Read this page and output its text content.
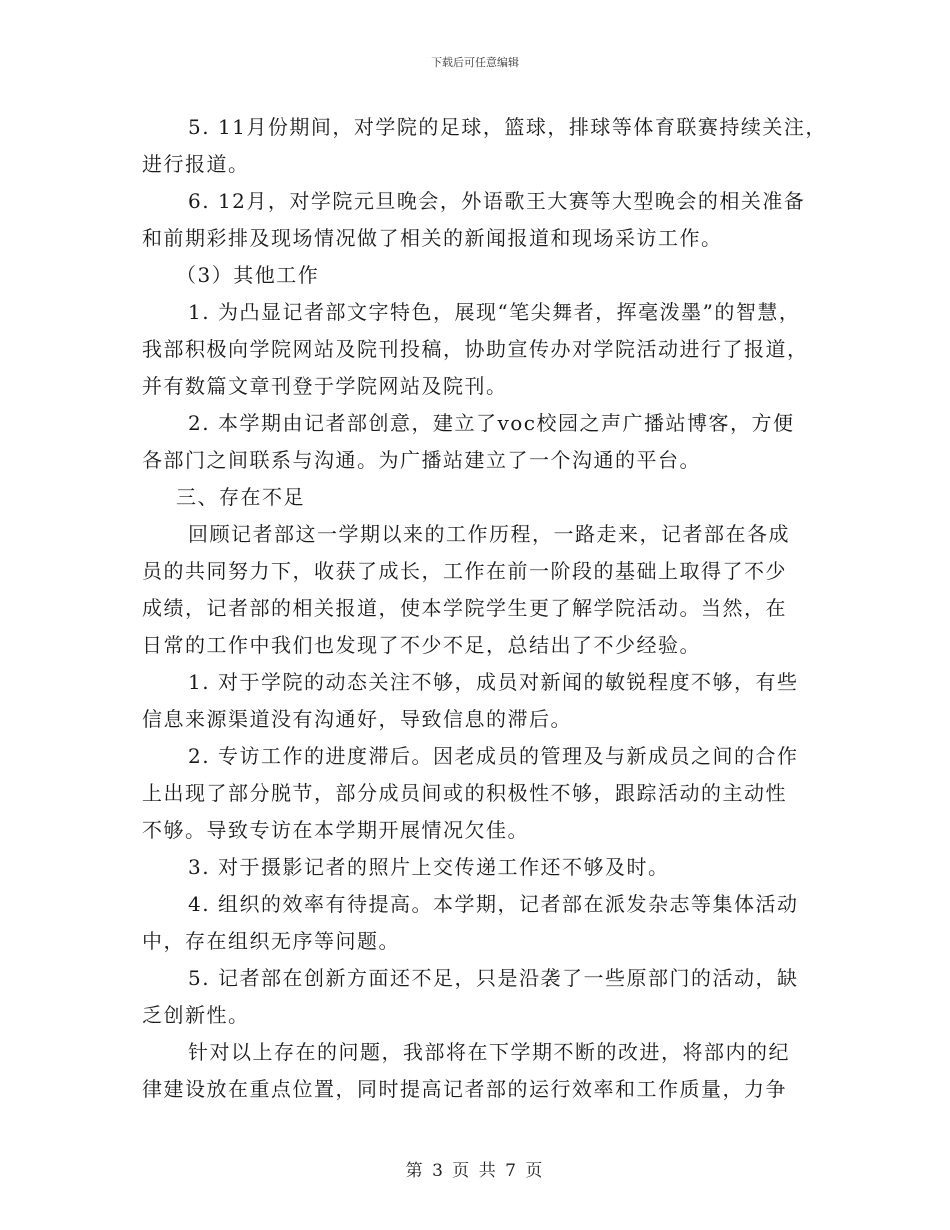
下载后可任意编辑
5. 11月份期间，对学院的足球，篮球，排球等体育联赛持续关注，
进行报道。
6. 12月，对学院元旦晚会，外语歌王大赛等大型晚会的相关准备
和前期彩排及现场情况做了相关的新闻报道和现场采访工作。
（3）其他工作
1. 为凸显记者部文字特色，展现“笔尖舞者，挥毫泼墨”的智慧，
我部积极向学院网站及院刊投稿，协助宣传办对学院活动进行了报道，
并有数篇文章刊登于学院网站及院刊。
2. 本学期由记者部创意，建立了voc校园之声广播站博客，方便
各部门之间联系与沟通。为广播站建立了一个沟通的平台。
三、存在不足
回顾记者部这一学期以来的工作历程，一路走来，记者部在各成
员的共同努力下，收获了成长，工作在前一阶段的基础上取得了不少
成绩，记者部的相关报道，使本学院学生更了解学院活动。当然，在
日常的工作中我们也发现了不少不足，总结出了不少经验。
1. 对于学院的动态关注不够，成员对新闻的敏锐程度不够，有些
信息来源渠道没有沟通好，导致信息的滞后。
2. 专访工作的进度滞后。因老成员的管理及与新成员之间的合作
上出现了部分脱节，部分成员间或的积极性不够，跟踪活动的主动性
不够。导致专访在本学期开展情况欠佳。
3. 对于摄影记者的照片上交传递工作还不够及时。
4. 组织的效率有待提高。本学期，记者部在派发杂志等集体活动
中，存在组织无序等问题。
5. 记者部在创新方面还不足，只是沿袭了一些原部门的活动，缺
乏创新性。
针对以上存在的问题，我部将在下学期不断的改进，将部内的纪
律建设放在重点位置，同时提高记者部的运行效率和工作质量，力争
第 3 页 共 7 页
